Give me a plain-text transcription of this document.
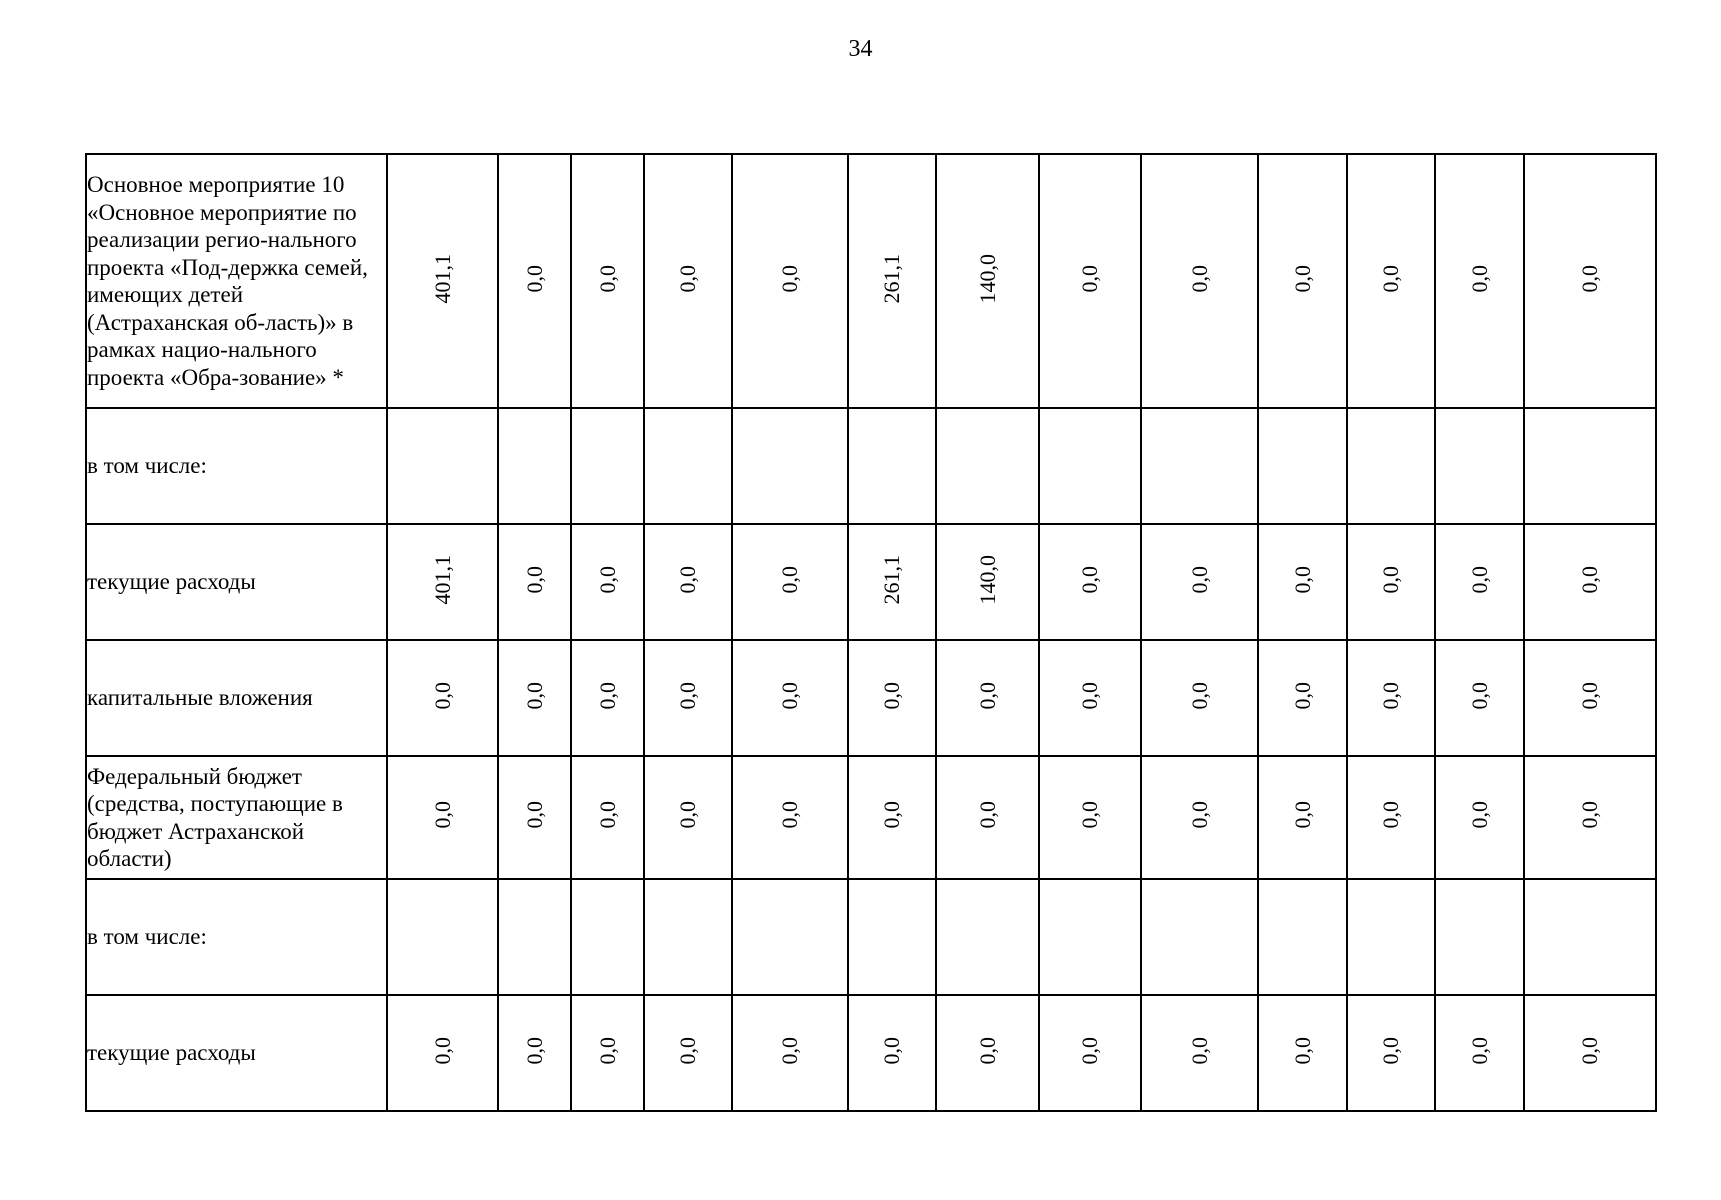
34
Основное мероприятие 10 «Основное мероприятие по реализации регио-нального проекта «Под-держка семей, имеющих детей (Астраханская об-ласть)» в рамках нацио-нального проекта «Обра-зование» *	401,1	0,0	0,0	0,0	0,0	261,1	140,0	0,0	0,0	0,0	0,0	0,0	0,0
в том числе:													
текущие расходы	401,1	0,0	0,0	0,0	0,0	261,1	140,0	0,0	0,0	0,0	0,0	0,0	0,0
капитальные вложения	0,0	0,0	0,0	0,0	0,0	0,0	0,0	0,0	0,0	0,0	0,0	0,0	0,0
Федеральный бюджет (средства, поступающие в бюджет Астраханской области)	0,0	0,0	0,0	0,0	0,0	0,0	0,0	0,0	0,0	0,0	0,0	0,0	0,0
в том числе:													
текущие расходы	0,0	0,0	0,0	0,0	0,0	0,0	0,0	0,0	0,0	0,0	0,0	0,0	0,0
